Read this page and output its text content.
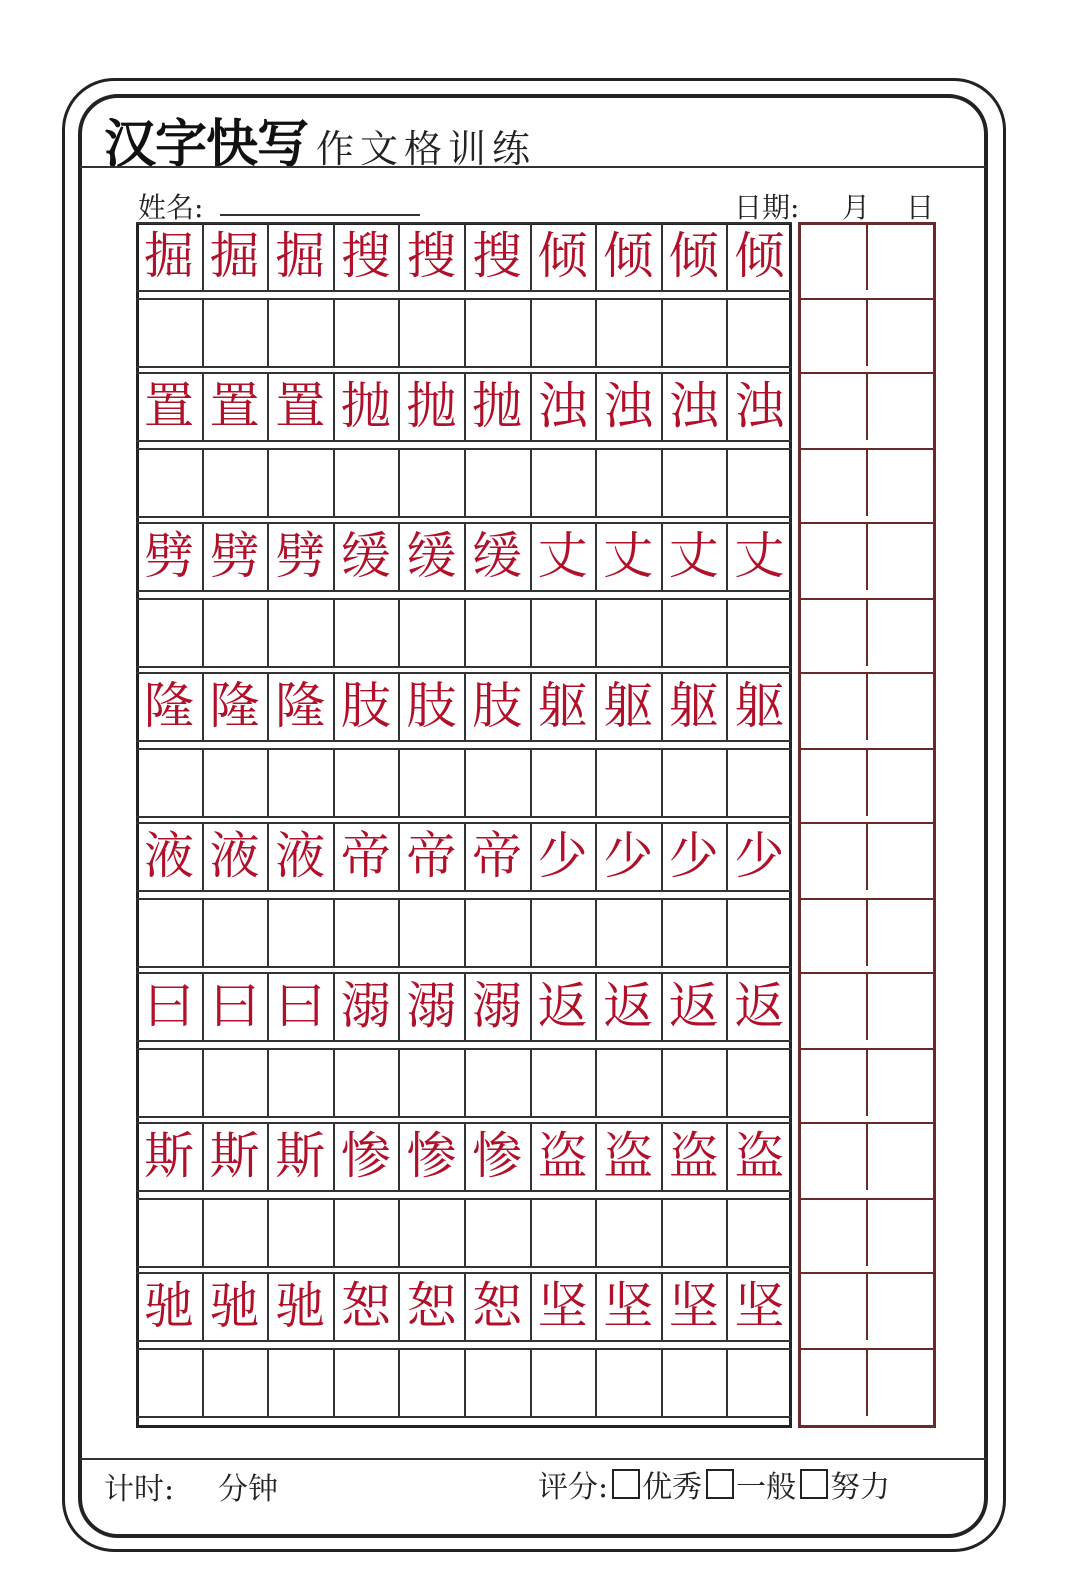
汉字快写 作文格训练
姓名:	日期: 月 日
掘 掘 掘 搜 搜 搜 倾 倾 倾 倾
置 置 置 抛 抛 抛 浊 浊 浊 浊
劈 劈 劈 缓 缓 缓 丈 丈 丈 丈
隆 隆 隆 肢 肢 肢 躯 躯 躯 躯
液 液 液 帝 帝 帝 少 少 少 少
曰 曰 曰 溺 溺 溺 返 返 返 返
斯 斯 斯 惨 惨 惨 盗 盗 盗 盗
驰 驰 驰 恕 恕 恕 坚 坚 坚 坚
计时: 分钟	评分: 优秀 一般 努力
